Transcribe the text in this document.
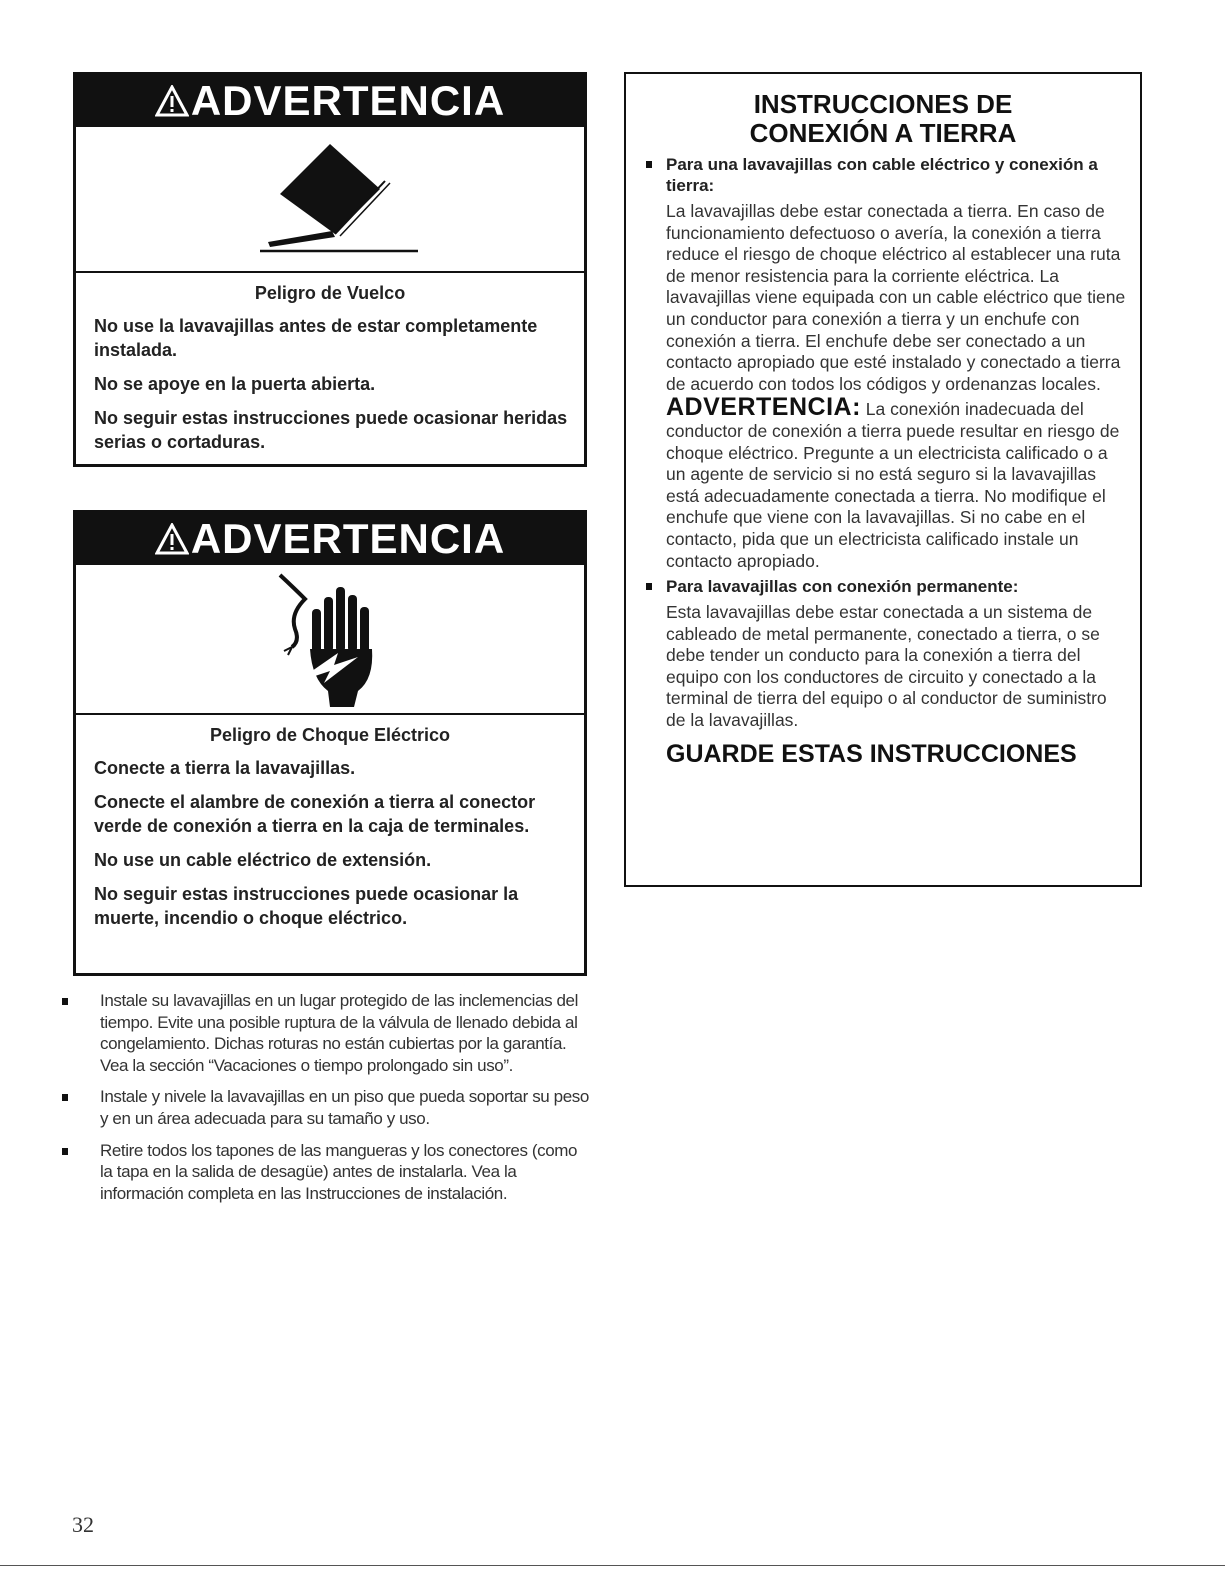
ADVERTENCIA
Peligro de Vuelco
No use la lavavajillas antes de estar completamente instalada.
No se apoye en la puerta abierta.
No seguir estas instrucciones puede ocasionar heridas serias o cortaduras.
ADVERTENCIA
Peligro de Choque Eléctrico
Conecte a tierra la lavavajillas.
Conecte el alambre de conexión a tierra al conector verde de conexión a tierra en la caja de terminales.
No use un cable eléctrico de extensión.
No seguir estas instrucciones puede ocasionar la muerte, incendio o choque eléctrico.
INSTRUCCIONES DE
CONEXIÓN A TIERRA
Para una lavavajillas con cable eléctrico y conexión a tierra:
La lavavajillas debe estar conectada a tierra. En caso de funcionamiento defectuoso o avería, la conexión a tierra reduce el riesgo de choque eléctrico al establecer una ruta de menor resistencia para la corriente eléctrica. La lavavajillas viene equipada con un cable eléctrico que tiene un conductor para conexión a tierra y un enchufe con conexión a tierra. El enchufe debe ser conectado a un contacto apropiado que esté instalado y conectado a tierra de acuerdo con todos los códigos y ordenanzas locales.
ADVERTENCIA: La conexión inadecuada del conductor de conexión a tierra puede resultar en riesgo de choque eléctrico. Pregunte a un electricista calificado o a un agente de servicio si no está seguro si la lavavajillas está adecuadamente conectada a tierra. No modifique el enchufe que viene con la lavavajillas. Si no cabe en el contacto, pida que un electricista calificado instale un contacto apropiado.
Para lavavajillas con conexión permanente:
Esta lavavajillas debe estar conectada a un sistema de cableado de metal permanente, conectado a tierra, o se debe tender un conducto para la conexión a tierra del equipo con los conductores de circuito y conectado a la terminal de tierra del equipo o al conductor de suministro de la lavavajillas.
GUARDE ESTAS INSTRUCCIONES
Instale su lavavajillas en un lugar protegido de las inclemencias del tiempo. Evite una posible ruptura de la válvula de llenado debida al congelamiento. Dichas roturas no están cubiertas por la garantía. Vea la sección “Vacaciones o tiempo prolongado sin uso”.
Instale y nivele la lavavajillas en un piso que pueda soportar su peso y en un área adecuada para su tamaño y uso.
Retire todos los tapones de las mangueras y los conectores (como la tapa en la salida de desagüe) antes de instalarla. Vea la información completa en las Instrucciones de instalación.
32
